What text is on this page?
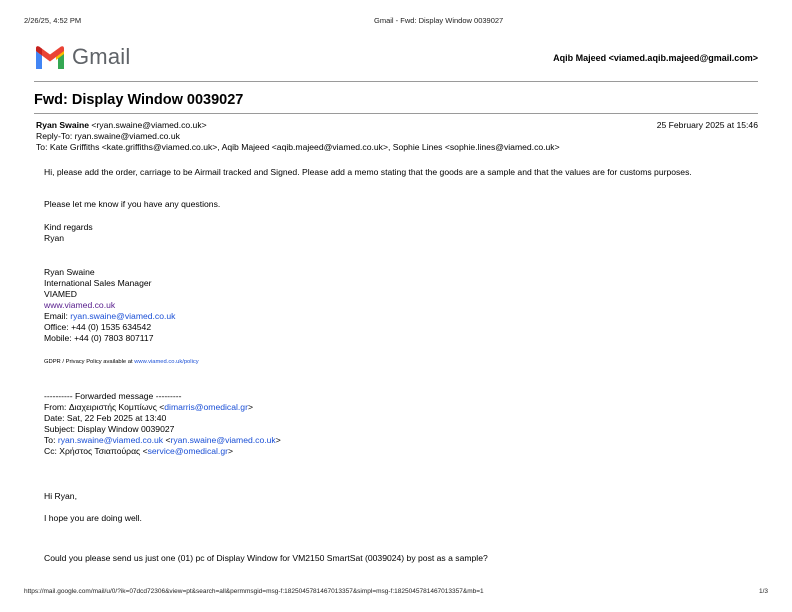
2/26/25, 4:52 PM	Gmail - Fwd: Display Window 0039027
Gmail	Aqib Majeed <viamed.aqib.majeed@gmail.com>
Fwd: Display Window 0039027
Ryan Swaine <ryan.swaine@viamed.co.uk>	25 February 2025 at 15:46
Reply-To: ryan.swaine@viamed.co.uk
To: Kate Griffiths <kate.griffiths@viamed.co.uk>, Aqib Majeed <aqib.majeed@viamed.co.uk>, Sophie Lines <sophie.lines@viamed.co.uk>
Hi, please add the order, carriage to be Airmail tracked and Signed. Please add a memo stating that the goods are a sample and that the values are for customs purposes.
Please let me know if you have any questions.
Kind regards
Ryan
Ryan Swaine
International Sales Manager
VIAMED
www.viamed.co.uk
Email: ryan.swaine@viamed.co.uk
Office: +44 (0) 1535 634542
Mobile: +44 (0) 7803 807117
GDPR / Privacy Policy available at www.viamed.co.uk/policy
---------- Forwarded message ---------
From: Διαχειριστής Κομπίωνς <dimarris@omedical.gr>
Date: Sat, 22 Feb 2025 at 13:40
Subject: Display Window 0039027
To: ryan.swaine@viamed.co.uk <ryan.swaine@viamed.co.uk>
Cc: Χρήστος Τσιαπούρας <service@omedical.gr>
Hi Ryan,
I hope you are doing well.
Could you please send us just one (01) pc of Display Window for VM2150 SmartSat (0039024) by post as a sample?
https://mail.google.com/mail/u/0/?ik=07dcd72306&view=pt&search=all&permmsgid=msg-f:1825045781467013357&simpl=msg-f:1825045781467013357&mb=1	1/3
